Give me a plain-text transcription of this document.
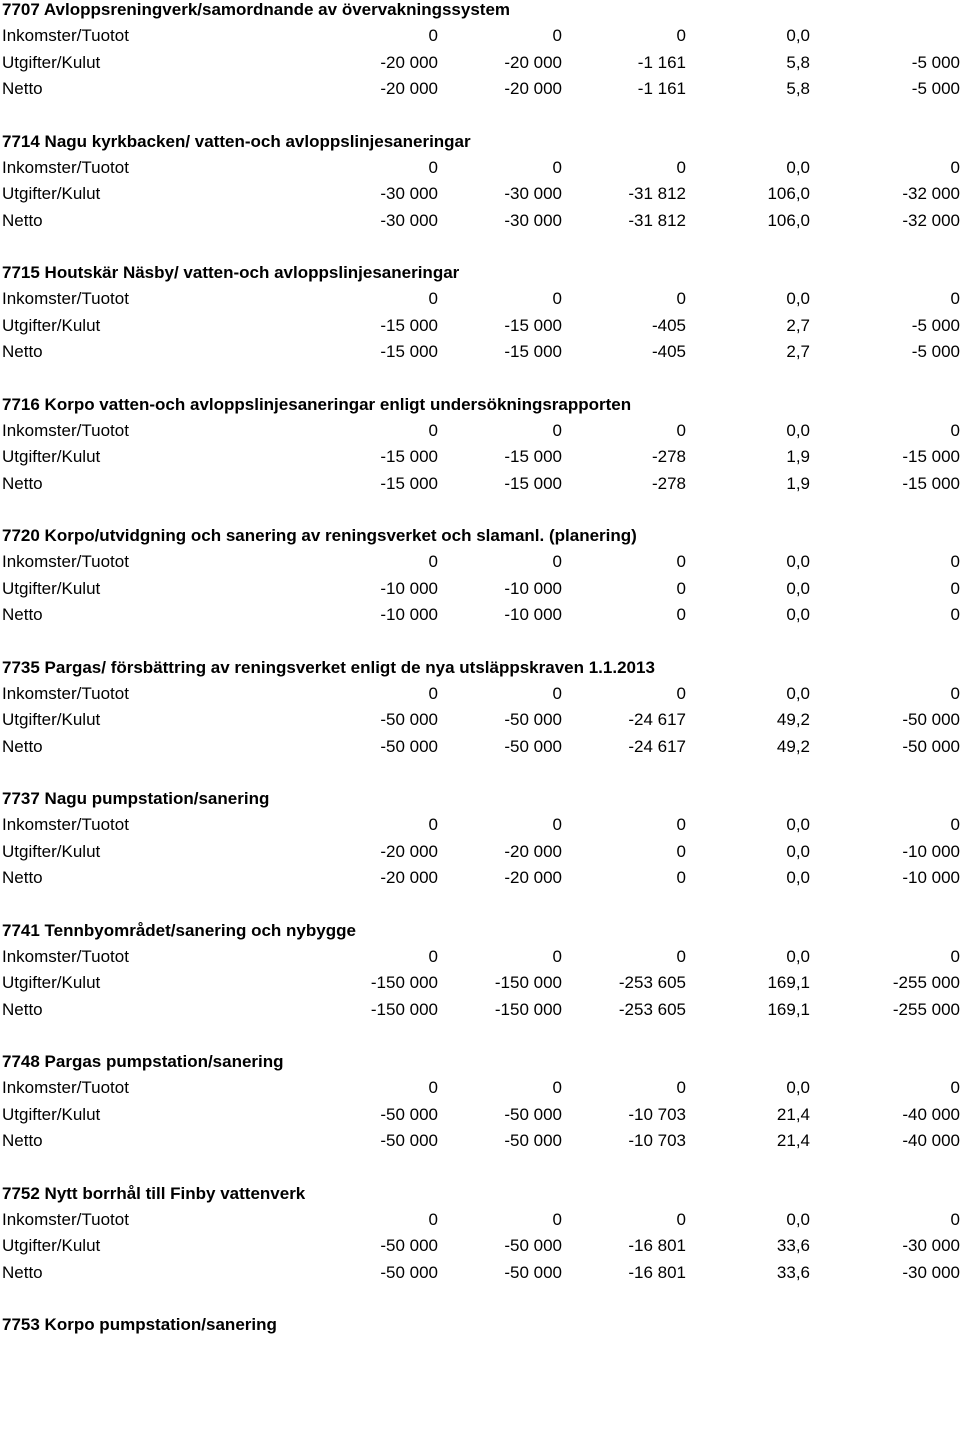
7707 Avloppsreningverk/samordnande av övervakningssystem
Inkomster/Tuotot	0	0	0	0,0
Utgifter/Kulut	-20 000	-20 000	-1 161	5,8	-5 000
Netto	-20 000	-20 000	-1 161	5,8	-5 000
7714 Nagu kyrkbacken/ vatten-och avloppslinjesaneringar
Inkomster/Tuotot	0	0	0	0,0	0
Utgifter/Kulut	-30 000	-30 000	-31 812	106,0	-32 000
Netto	-30 000	-30 000	-31 812	106,0	-32 000
7715 Houtskär Näsby/ vatten-och avloppslinjesaneringar
Inkomster/Tuotot	0	0	0	0,0	0
Utgifter/Kulut	-15 000	-15 000	-405	2,7	-5 000
Netto	-15 000	-15 000	-405	2,7	-5 000
7716 Korpo vatten-och avloppslinjesaneringar enligt undersökningsrapporten
Inkomster/Tuotot	0	0	0	0,0	0
Utgifter/Kulut	-15 000	-15 000	-278	1,9	-15 000
Netto	-15 000	-15 000	-278	1,9	-15 000
7720 Korpo/utvidgning och sanering av reningsverket och slamanl. (planering)
Inkomster/Tuotot	0	0	0	0,0	0
Utgifter/Kulut	-10 000	-10 000	0	0,0	0
Netto	-10 000	-10 000	0	0,0	0
7735 Pargas/ försbättring av reningsverket enligt de nya utsläppskraven 1.1.2013
Inkomster/Tuotot	0	0	0	0,0	0
Utgifter/Kulut	-50 000	-50 000	-24 617	49,2	-50 000
Netto	-50 000	-50 000	-24 617	49,2	-50 000
7737 Nagu pumpstation/sanering
Inkomster/Tuotot	0	0	0	0,0	0
Utgifter/Kulut	-20 000	-20 000	0	0,0	-10 000
Netto	-20 000	-20 000	0	0,0	-10 000
7741 Tennbyområdet/sanering och nybygge
Inkomster/Tuotot	0	0	0	0,0	0
Utgifter/Kulut	-150 000	-150 000	-253 605	169,1	-255 000
Netto	-150 000	-150 000	-253 605	169,1	-255 000
7748 Pargas pumpstation/sanering
Inkomster/Tuotot	0	0	0	0,0	0
Utgifter/Kulut	-50 000	-50 000	-10 703	21,4	-40 000
Netto	-50 000	-50 000	-10 703	21,4	-40 000
7752 Nytt borrhål till Finby vattenverk
Inkomster/Tuotot	0	0	0	0,0	0
Utgifter/Kulut	-50 000	-50 000	-16 801	33,6	-30 000
Netto	-50 000	-50 000	-16 801	33,6	-30 000
7753 Korpo pumpstation/sanering
